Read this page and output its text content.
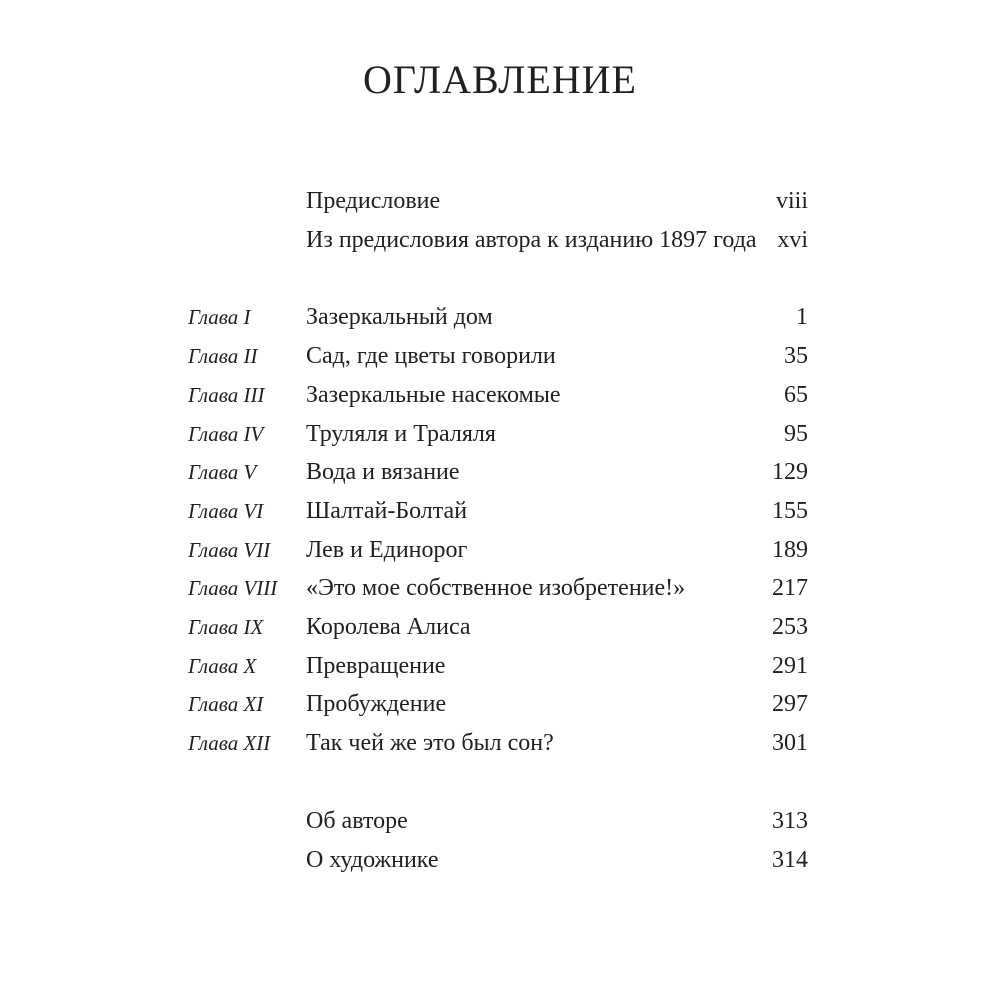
ОГЛАВЛЕНИЕ
Предисловие	viii
Из предисловия автора к изданию 1897 года xvi
Глава I Зазеркальный дом	1
Глава II Сад, где цветы говорили	35
Глава III Зазеркальные насекомые	65
Глава IV Труляля и Траляля	95
Глава V Вода и вязание	129
Глава VI Шалтай-Болтай	155
Глава VII Лев и Единорог	189
Глава VIII «Это мое собственное изобретение!»	217
Глава IX Королева Алиса	253
Глава X Превращение	291
Глава XI Пробуждение	297
Глава XII Так чей же это был сон?	301
Об авторе	313
О художнике	314
